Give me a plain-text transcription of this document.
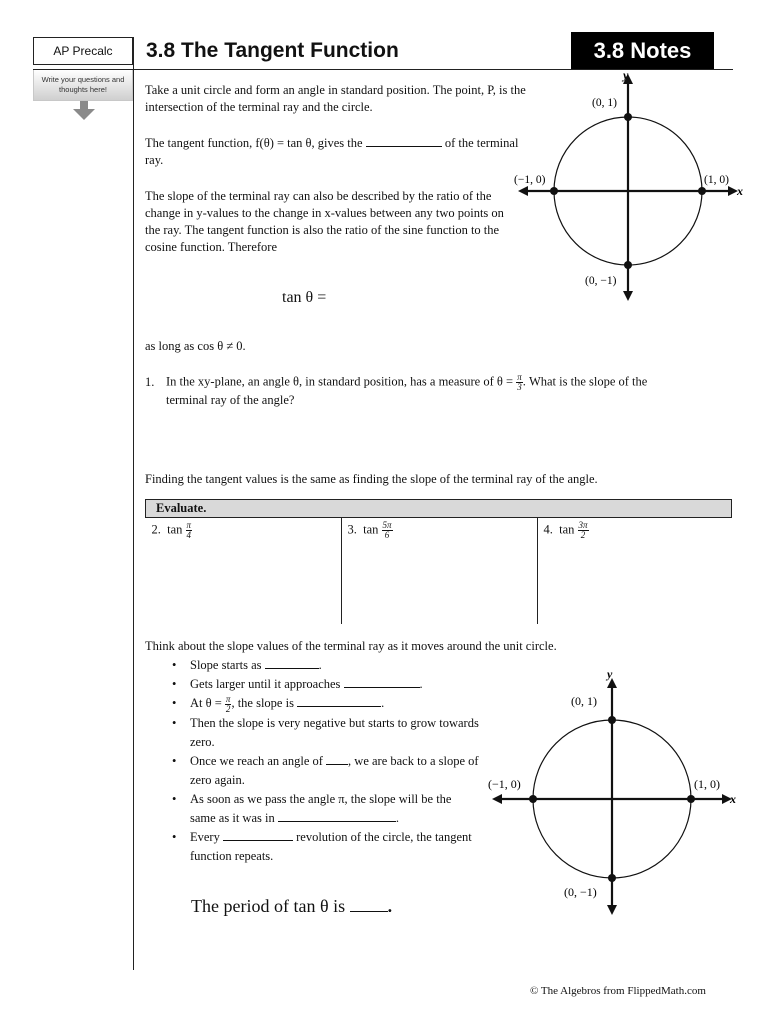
AP Precalc
Write your questions and thoughts here!
3.8 The Tangent Function	3.8 Notes
Take a unit circle and form an angle in standard position. The point, P, is the intersection of the terminal ray and the circle.
The tangent function, f(θ) = tan θ, gives the	of the terminal ray.
The slope of the terminal ray can also be described by the ratio of the change in y-values to the change in x-values between any two points on the ray. The tangent function is also the ratio of the sine function to the cosine function. Therefore
tan θ =
as long as cos θ ≠ 0.
(0, 1)
(−1, 0)	(1, 0)
(0, −1)
x
y
1. In the xy-plane, an angle θ, in standard position, has a measure of $\theta = \frac{\pi}{3}$ . What is the slope of the
terminal ray of the angle?
Finding the tangent values is the same as finding the slope of the terminal ray of the angle.
Evaluate.
2. $\tan \frac{\pi}{4}$	3. $\tan \frac{5\pi}{6}$	4. $\tan \frac{3\pi}{2}$
Think about the slope values of the terminal ray as it moves around the unit circle.
• Slope starts as	.
• Gets larger until it approaches	.
• At $\theta = \frac{\pi}{2}$ , the slope is	.
• Then the slope is very negative but starts to grow towards zero.
• Once we reach an angle of , we are back to a slope of zero again.
• As soon as we pass the angle π, the slope will be the same as it was in	.
• Every	revolution of the circle, the tangent function repeats.
(0, 1)
(−1, 0)	(1, 0)
(0, −1)
x
y
The period of tan θ is .
© The Algebros from FlippedMath.com
